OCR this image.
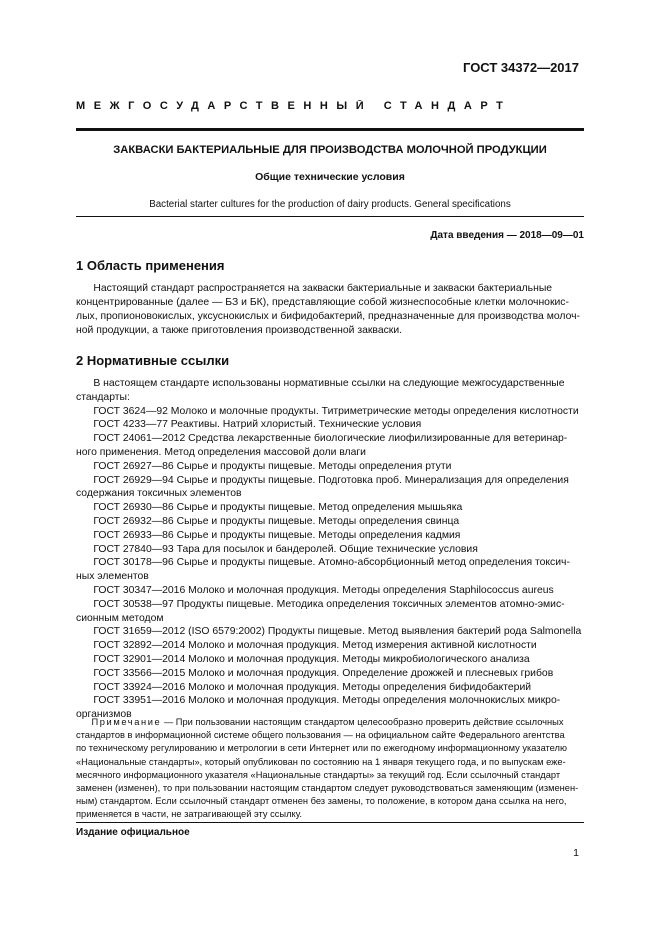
ГОСТ 34372—2017
МЕЖГОСУДАРСТВЕННЫЙ СТАНДАРТ
ЗАКВАСКИ БАКТЕРИАЛЬНЫЕ ДЛЯ ПРОИЗВОДСТВА МОЛОЧНОЙ ПРОДУКЦИИ
Общие технические условия
Bacterial starter cultures for the production of dairy products. General specifications
Дата введения — 2018—09—01
1 Область применения
Настоящий стандарт распространяется на закваски бактериальные и закваски бактериальные
концентрированные (далее — БЗ и БК), представляющие собой жизнеспособные клетки молочнокис-
лых, пропионовокислых, уксуснокислых и бифидобактерий, предназначенные для производства молоч-
ной продукции, а также приготовления производственной закваски.
2 Нормативные ссылки
В настоящем стандарте использованы нормативные ссылки на следующие межгосударственные
стандарты:
ГОСТ 3624—92 Молоко и молочные продукты. Титриметрические методы определения кислотности
ГОСТ 4233—77 Реактивы. Натрий хлористый. Технические условия
ГОСТ 24061—2012 Средства лекарственные биологические лиофилизированные для ветеринар-
ного применения. Метод определения массовой доли влаги
ГОСТ 26927—86 Сырье и продукты пищевые. Методы определения ртути
ГОСТ 26929—94 Сырье и продукты пищевые. Подготовка проб. Минерализация для определения
содержания токсичных элементов
ГОСТ 26930—86 Сырье и продукты пищевые. Метод определения мышьяка
ГОСТ 26932—86 Сырье и продукты пищевые. Методы определения свинца
ГОСТ 26933—86 Сырье и продукты пищевые. Методы определения кадмия
ГОСТ 27840—93 Тара для посылок и бандеролей. Общие технические условия
ГОСТ 30178—96 Сырье и продукты пищевые. Атомно-абсорбционный метод определения токсич-
ных элементов
ГОСТ 30347—2016 Молоко и молочная продукция. Методы определения Staphilococcus aureus
ГОСТ 30538—97 Продукты пищевые. Методика определения токсичных элементов атомно-эмис-
сионным методом
ГОСТ 31659—2012 (ISO 6579:2002) Продукты пищевые. Метод выявления бактерий рода Salmonella
ГОСТ 32892—2014 Молоко и молочная продукция. Метод измерения активной кислотности
ГОСТ 32901—2014 Молоко и молочная продукция. Методы микробиологического анализа
ГОСТ 33566—2015 Молоко и молочная продукция. Определение дрожжей и плесневых грибов
ГОСТ 33924—2016 Молоко и молочная продукция. Методы определения бифидобактерий
ГОСТ 33951—2016 Молоко и молочная продукция. Методы определения молочнокислых микро-
организмов
Примечание — При пользовании настоящим стандартом целесообразно проверить действие ссылочных
стандартов в информационной системе общего пользования — на официальном сайте Федерального агентства
по техническому регулированию и метрологии в сети Интернет или по ежегодному информационному указателю
«Национальные стандарты», который опубликован по состоянию на 1 января текущего года, и по выпускам еже-
месячного информационного указателя «Национальные стандарты» за текущий год. Если ссылочный стандарт
заменен (изменен), то при пользовании настоящим стандартом следует руководствоваться заменяющим (изменен-
ным) стандартом. Если ссылочный стандарт отменен без замены, то положение, в котором дана ссылка на него,
применяется в части, не затрагивающей эту ссылку.
Издание официальное
1
